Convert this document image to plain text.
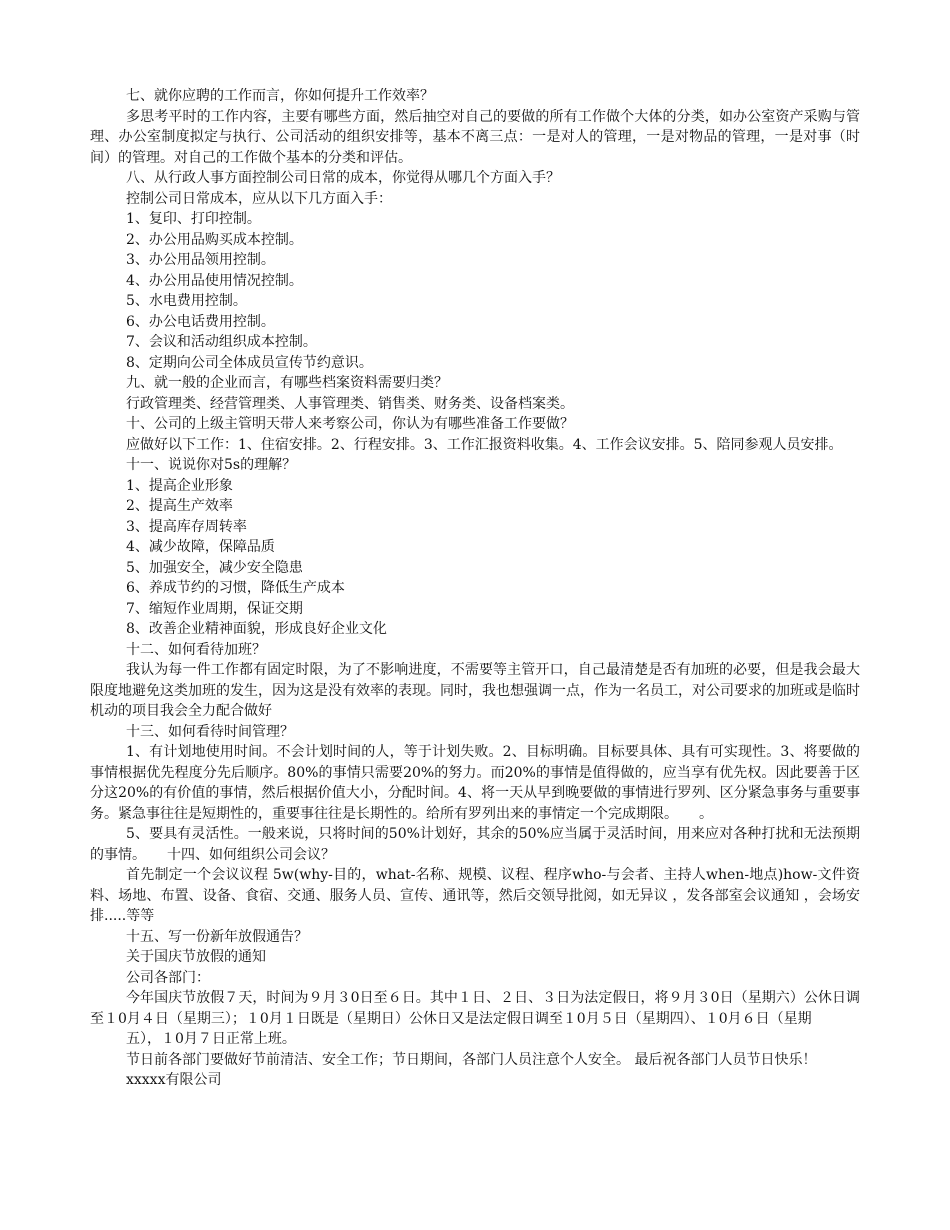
七、就你应聘的工作而言，你如何提升工作效率？

多思考平时的工作内容，主要有哪些方面，然后抽空对自己的要做的所有工作做个大体的分类，如办公室资产采购与管理、办公室制度拟定与执行、公司活动的组织安排等，基本不离三点：一是对人的管理，一是对物品的管理，一是对事（时间）的管理。对自己的工作做个基本的分类和评估。

八、从行政人事方面控制公司日常的成本，你觉得从哪几个方面入手？

控制公司日常成本，应从以下几方面入手：

1、复印、打印控制。

2、办公用品购买成本控制。

3、办公用品领用控制。

4、办公用品使用情况控制。

5、水电费用控制。

6、办公电话费用控制。

7、会议和活动组织成本控制。

8、定期向公司全体成员宣传节约意识。

九、就一般的企业而言，有哪些档案资料需要归类？

行政管理类、经营管理类、人事管理类、销售类、财务类、设备档案类。

十、公司的上级主管明天带人来考察公司，你认为有哪些准备工作要做？

应做好以下工作：1、住宿安排。2、行程安排。3、工作汇报资料收集。4、工作会议安排。5、陪同参观人员安排。

十一、说说你对5s的理解？

1、提高企业形象

2、提高生产效率

3、提高库存周转率

4、减少故障，保障品质

5、加强安全，减少安全隐患

6、养成节约的习惯，降低生产成本

7、缩短作业周期，保证交期

8、改善企业精神面貌，形成良好企业文化

十二、如何看待加班？

我认为每一件工作都有固定时限，为了不影响进度，不需要等主管开口，自己最清楚是否有加班的必要，但是我会最大限度地避免这类加班的发生，因为这是没有效率的表现。同时，我也想强调一点，作为一名员工，对公司要求的加班或是临时机动的项目我会全力配合做好

十三、如何看待时间管理？

1、有计划地使用时间。不会计划时间的人，等于计划失败。2、目标明确。目标要具体、具有可实现性。3、将要做的事情根据优先程度分先后顺序。80%的事情只需要20%的努力。而20%的事情是值得做的，应当享有优先权。因此要善于区分这20%的有价值的事情，然后根据价值大小，分配时间。4、将一天从早到晚要做的事情进行罗列、区分紧急事务与重要事务。紧急事往往是短期性的，重要事往往是长期性的。给所有罗列出来的事情定一个完成期限。　　。

5、要具有灵活性。一般来说，只将时间的50%计划好，其余的50%应当属于灵活时间，用来应对各种打扰和无法预期的事情。　　十四、如何组织公司会议？

首先制定一个会议议程 5w(why-目的，what-名称、规模、议程、程序who-与会者、主持人when-地点)how-文件资料、场地、布置、设备、食宿、交通、服务人员、宣传、通讯等，然后交领导批阅，如无异议 ，发各部室会议通知 ，会场安排.....等等

十五、写一份新年放假通告？

关于国庆节放假的通知

公司各部门：

今年国庆节放假７天，时间为９月３0日至６日。其中１日、２日、３日为法定假日，将９月３0日（星期六）公休日调至１0月４日（星期三）；１0月１日既是（星期日）公休日又是法定假日调至１0月５日（星期四）、１0月６日（星期

五），１0月７日正常上班。

节日前各部门要做好节前清洁、安全工作；节日期间，各部门人员注意个人安全。 最后祝各部门人员节日快乐！

xxxxx有限公司
